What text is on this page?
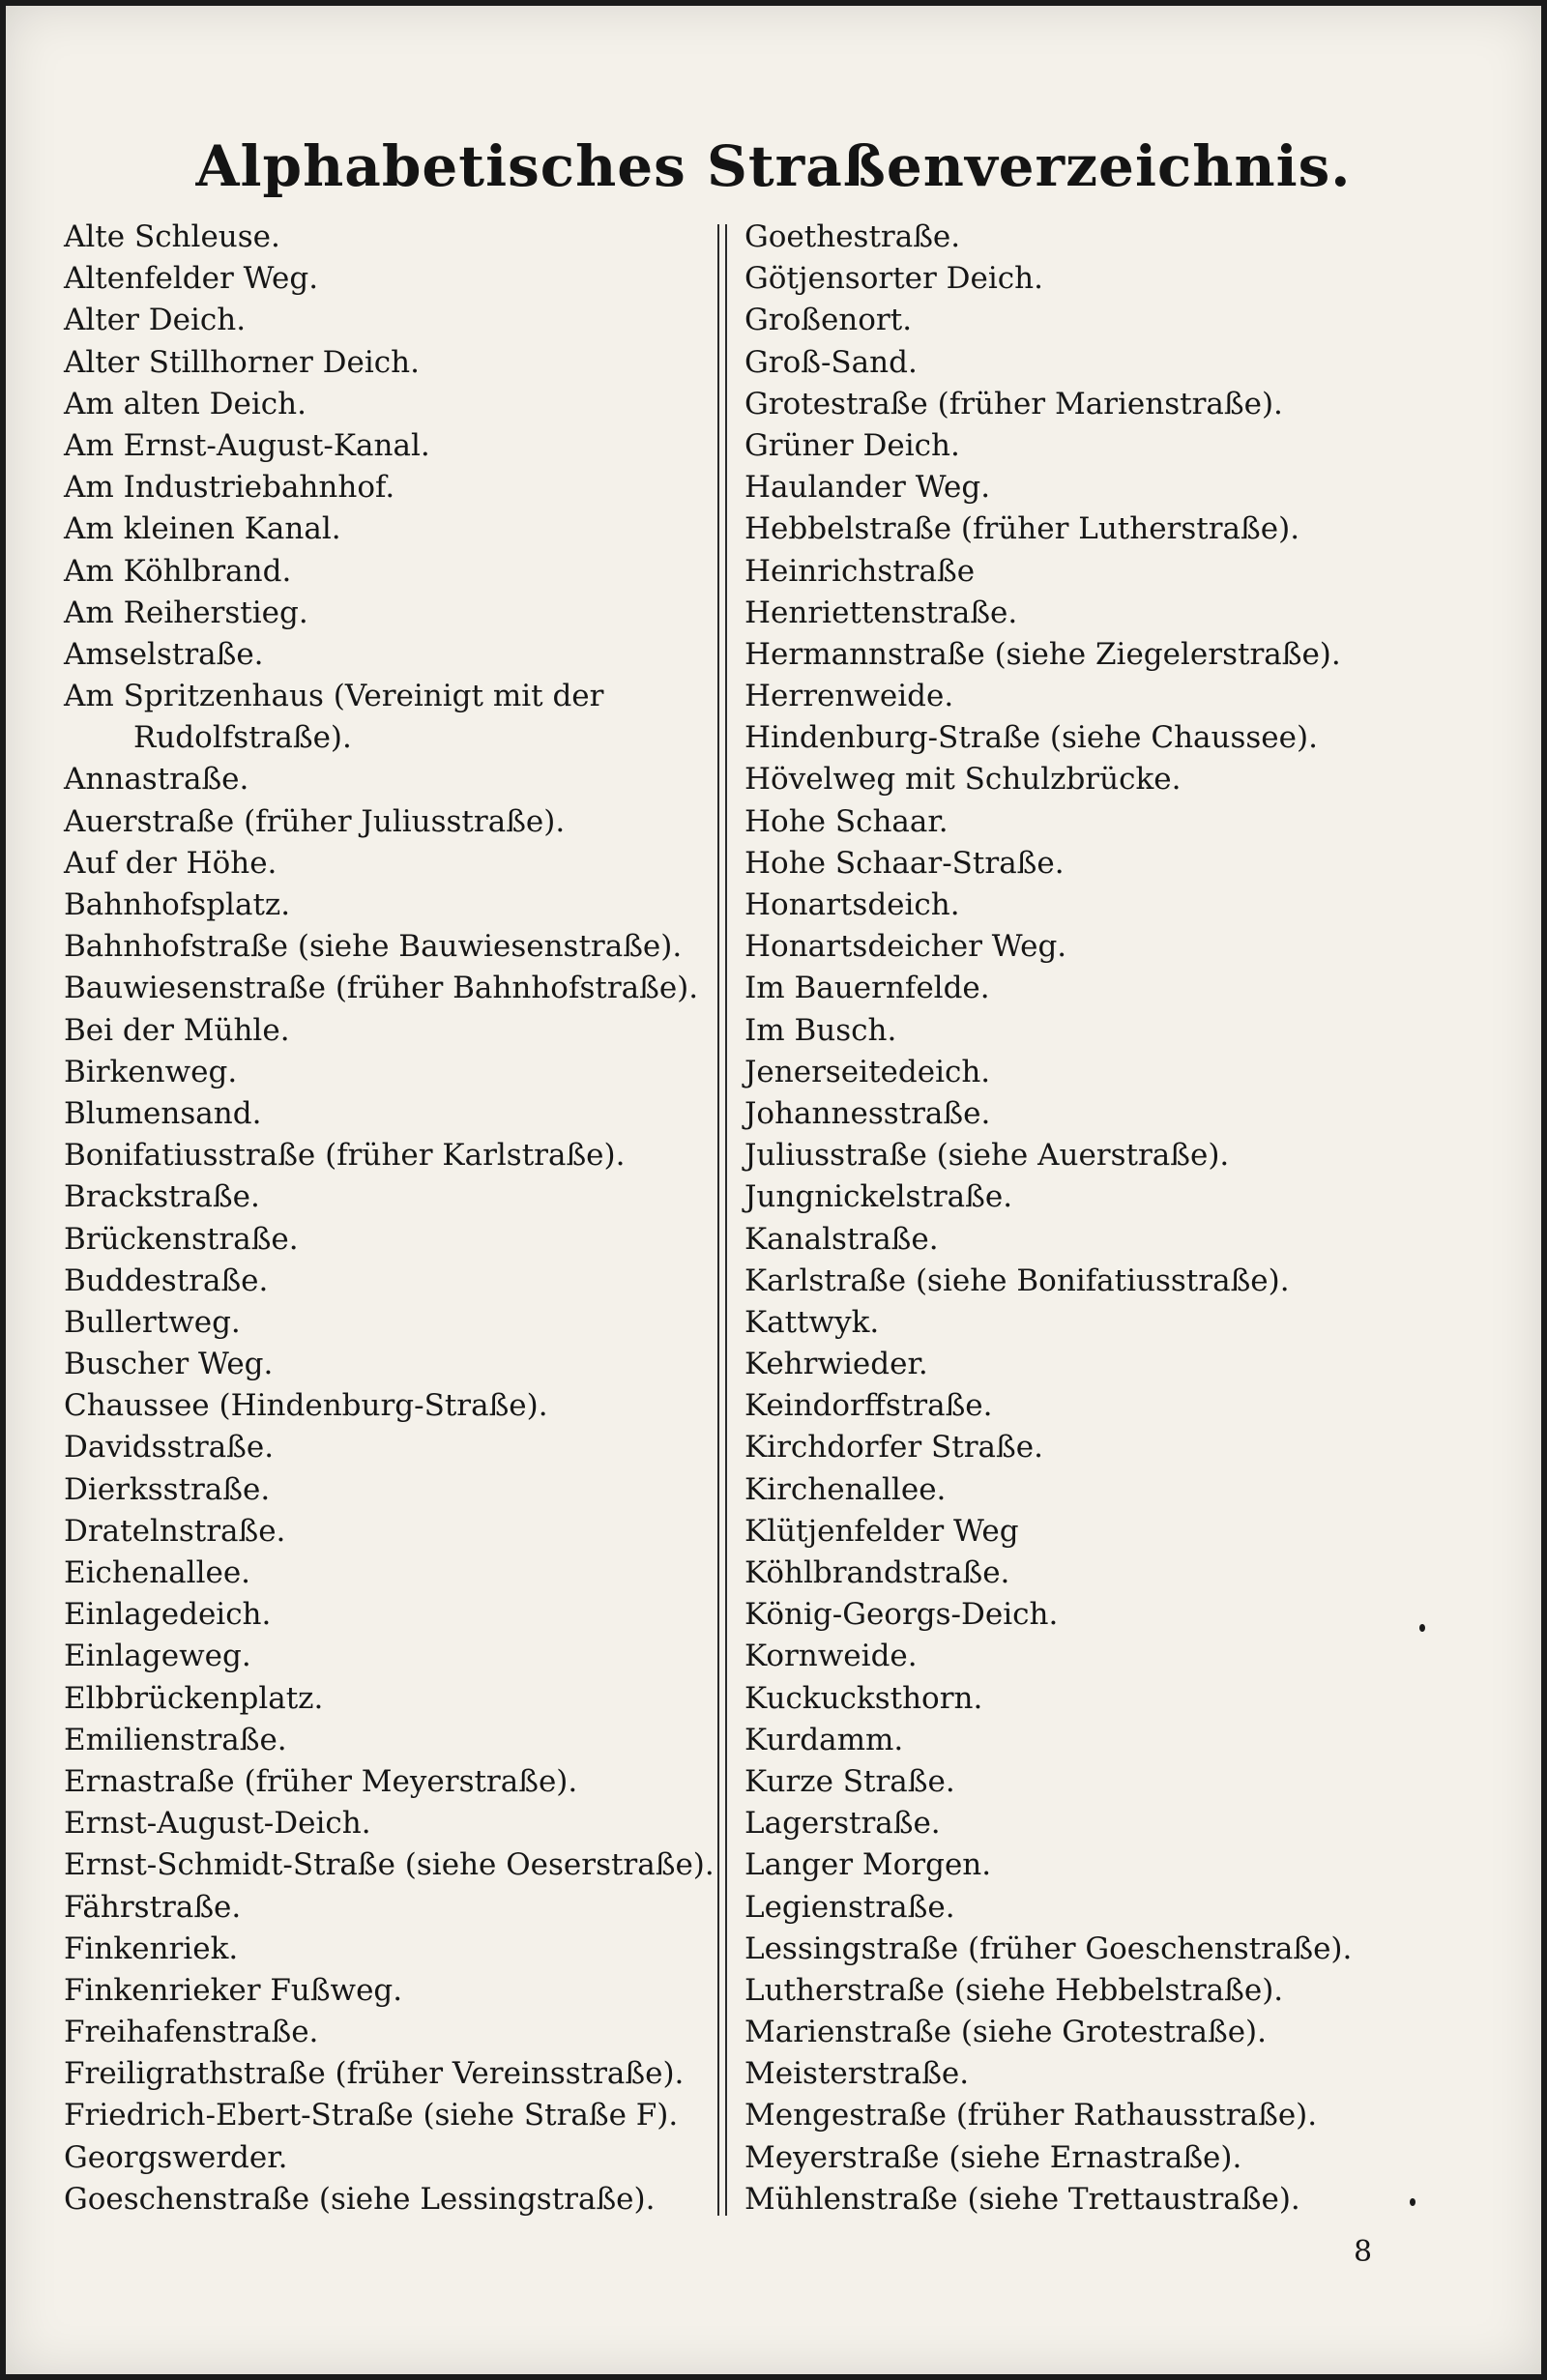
Alphabetisches Straßenverzeichnis.
Alte Schleuse.
Altenfelder Weg.
Alter Deich.
Alter Stillhorner Deich.
Am alten Deich.
Am Ernst-August-Kanal.
Am Industriebahnhof.
Am kleinen Kanal.
Am Köhlbrand.
Am Reiherstieg.
Amselstraße.
Am Spritzenhaus (Vereinigt mit der
Rudolfstraße).
Annastraße.
Auerstraße (früher Juliusstraße).
Auf der Höhe.
Bahnhofsplatz.
Bahnhofstraße (siehe Bauwiesenstraße).
Bauwiesenstraße (früher Bahnhofstraße).
Bei der Mühle.
Birkenweg.
Blumensand.
Bonifatiusstraße (früher Karlstraße).
Brackstraße.
Brückenstraße.
Buddestraße.
Bullertweg.
Buscher Weg.
Chaussee (Hindenburg-Straße).
Davidsstraße.
Dierksstraße.
Dratelnstraße.
Eichenallee.
Einlagedeich.
Einlageweg.
Elbbrückenplatz.
Emilienstraße.
Ernastraße (früher Meyerstraße).
Ernst-August-Deich.
Ernst-Schmidt-Straße (siehe Oeserstraße).
Fährstraße.
Finkenriek.
Finkenrieker Fußweg.
Freihafenstraße.
Freiligrathstraße (früher Vereinsstraße).
Friedrich-Ebert-Straße (siehe Straße F).
Georgswerder.
Goeschenstraße (siehe Lessingstraße).
Goethestraße.
Götjensorter Deich.
Großenort.
Groß-Sand.
Grotestraße (früher Marienstraße).
Grüner Deich.
Haulander Weg.
Hebbelstraße (früher Lutherstraße).
Heinrichstraße
Henriettenstraße.
Hermannstraße (siehe Ziegelerstraße).
Herrenweide.
Hindenburg-Straße (siehe Chaussee).
Hövelweg mit Schulzbrücke.
Hohe Schaar.
Hohe Schaar-Straße.
Honartsdeich.
Honartsdeicher Weg.
Im Bauernfelde.
Im Busch.
Jenerseitedeich.
Johannesstraße.
Juliusstraße (siehe Auerstraße).
Jungnickelstraße.
Kanalstraße.
Karlstraße (siehe Bonifatiusstraße).
Kattwyk.
Kehrwieder.
Keindorffstraße.
Kirchdorfer Straße.
Kirchenallee.
Klütjenfelder Weg
Köhlbrandstraße.
König-Georgs-Deich.
Kornweide.
Kuckucksthorn.
Kurdamm.
Kurze Straße.
Lagerstraße.
Langer Morgen.
Legienstraße.
Lessingstraße (früher Goeschenstraße).
Lutherstraße (siehe Hebbelstraße).
Marienstraße (siehe Grotestraße).
Meisterstraße.
Mengestraße (früher Rathausstraße).
Meyerstraße (siehe Ernastraße).
Mühlenstraße (siehe Trettaustraße).
8
